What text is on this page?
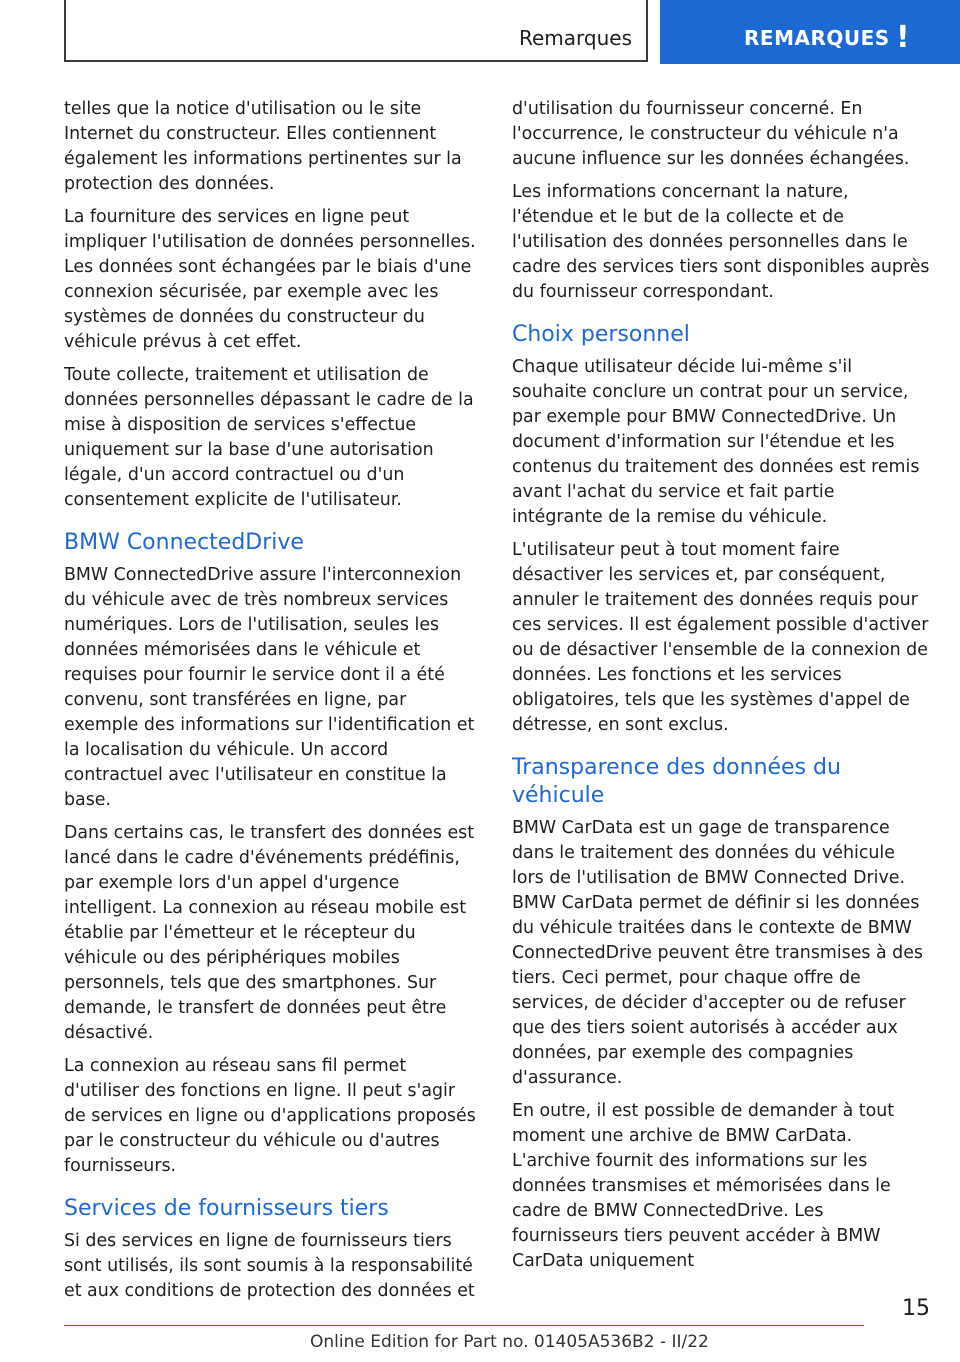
Remarques	REMARQUES !

telles que la notice d'utilisation ou le site Internet du constructeur. Elles contiennent également les informations pertinentes sur la protection des données.

La fourniture des services en ligne peut impliquer l'utilisation de données personnelles. Les données sont échangées par le biais d'une connexion sécurisée, par exemple avec les systèmes de données du constructeur du véhicule prévus à cet effet.

Toute collecte, traitement et utilisation de données personnelles dépassant le cadre de la mise à disposition de services s'effectue uniquement sur la base d'une autorisation légale, d'un accord contractuel ou d'un consentement explicite de l'utilisateur.

BMW ConnectedDrive

BMW ConnectedDrive assure l'interconnexion du véhicule avec de très nombreux services numériques. Lors de l'utilisation, seules les données mémorisées dans le véhicule et requises pour fournir le service dont il a été convenu, sont transférées en ligne, par exemple des informations sur l'identification et la localisation du véhicule. Un accord contractuel avec l'utilisateur en constitue la base.

Dans certains cas, le transfert des données est lancé dans le cadre d'événements prédéfinis, par exemple lors d'un appel d'urgence intelligent. La connexion au réseau mobile est établie par l'émetteur et le récepteur du véhicule ou des périphériques mobiles personnels, tels que des smartphones. Sur demande, le transfert de données peut être désactivé.

La connexion au réseau sans fil permet d'utiliser des fonctions en ligne. Il peut s'agir de services en ligne ou d'applications proposés par le constructeur du véhicule ou d'autres fournisseurs.

Services de fournisseurs tiers

Si des services en ligne de fournisseurs tiers sont utilisés, ils sont soumis à la responsabilité et aux conditions de protection des données et

d'utilisation du fournisseur concerné. En l'occurrence, le constructeur du véhicule n'a aucune influence sur les données échangées.

Les informations concernant la nature, l'étendue et le but de la collecte et de l'utilisation des données personnelles dans le cadre des services tiers sont disponibles auprès du fournisseur correspondant.

Choix personnel

Chaque utilisateur décide lui-même s'il souhaite conclure un contrat pour un service, par exemple pour BMW ConnectedDrive. Un document d'information sur l'étendue et les contenus du traitement des données est remis avant l'achat du service et fait partie intégrante de la remise du véhicule.

L'utilisateur peut à tout moment faire désactiver les services et, par conséquent, annuler le traitement des données requis pour ces services. Il est également possible d'activer ou de désactiver l'ensemble de la connexion de données. Les fonctions et les services obligatoires, tels que les systèmes d'appel de détresse, en sont exclus.

Transparence des données du véhicule

BMW CarData est un gage de transparence dans le traitement des données du véhicule lors de l'utilisation de BMW Connected Drive. BMW CarData permet de définir si les données du véhicule traitées dans le contexte de BMW ConnectedDrive peuvent être transmises à des tiers. Ceci permet, pour chaque offre de services, de décider d'accepter ou de refuser que des tiers soient autorisés à accéder aux données, par exemple des compagnies d'assurance.

En outre, il est possible de demander à tout moment une archive de BMW CarData. L'archive fournit des informations sur les données transmises et mémorisées dans le cadre de BMW ConnectedDrive. Les fournisseurs tiers peuvent accéder à BMW CarData uniquement

15
Online Edition for Part no. 01405A536B2 - II/22
